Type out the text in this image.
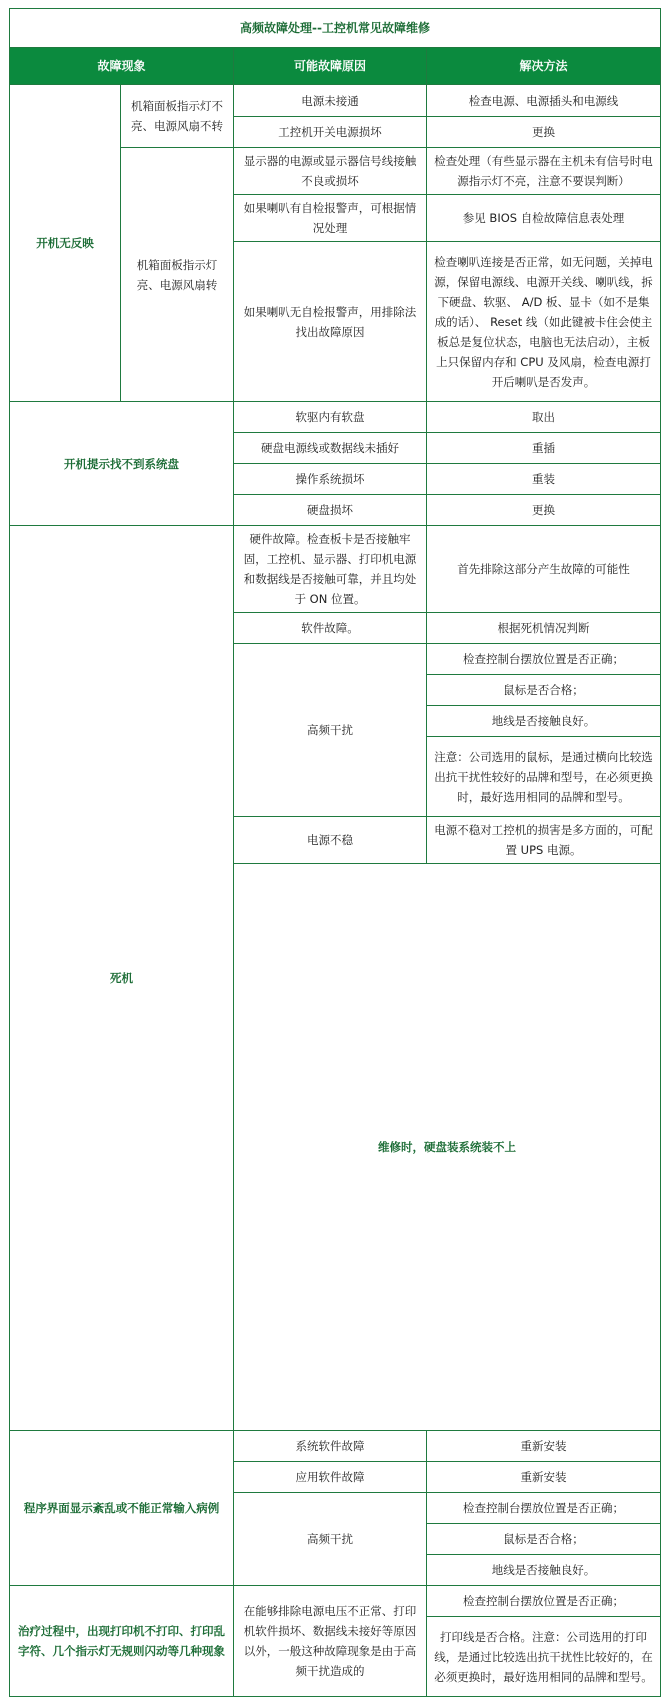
高频故障处理--工控机常见故障维修				
故障现象		可能故障原因	解决方法	
开机无反映	机箱面板指示灯不亮、电源风扇不转	电源未接通	检查电源、电源插头和电源线	
		工控机开关电源损坏	更换	
	机箱面板指示灯亮、电源风扇转	显示器的电源或显示器信号线接触不良或损坏	检查处理（有些显示器在主机未有信号时电源指示灯不亮，注意不要误判断）	
		如果喇叭有自检报警声，可根据情况处理	参见 BIOS 自检故障信息表处理	
		如果喇叭无自检报警声，用排除法找出故障原因	检查喇叭连接是否正常，如无问题，关掉电源，保留电源线、电源开关线、喇叭线，拆下硬盘、软驱、 A/D 板、显卡（如不是集成的话）、 Reset 线（如此键被卡住会使主板总是复位状态，电脑也无法启动），主板上只保留内存和 CPU 及风扇，检查电源打开后喇叭是否发声。	
开机提示找不到系统盘		软驱内有软盘	取出	
		硬盘电源线或数据线未插好	重插	
		操作系统损坏	重装	
		硬盘损坏	更换	
死机		硬件故障。检查板卡是否接触牢固，工控机、显示器、打印机电源和数据线是否接触可靠，并且均处于 ON 位置。	首先排除这部分产生故障的可能性	
		软件故障。	根据死机情况判断	
		高频干扰	检查控制台摆放位置是否正确；	
			鼠标是否合格；	
			地线是否接触良好。	
			注意：公司选用的鼠标，是通过横向比较选出抗干扰性较好的品牌和型号，在必须更换时，最好选用相同的品牌和型号。	
		电源不稳	电源不稳对工控机的损害是多方面的，可配置 UPS 电源。	
		维修时，硬盘装系统装不上		
程序界面显示紊乱或不能正常输入病例		系统软件故障	重新安装	
		应用软件故障	重新安装	
		高频干扰	检查控制台摆放位置是否正确；	
			鼠标是否合格；	
			地线是否接触良好。	
治疗过程中，出现打印机不打印、打印乱字符、几个指示灯无规则闪动等几种现象		在能够排除电源电压不正常、打印机软件损坏、数据线未接好等原因以外，一般这种故障现象是由于高频干扰造成的	检查控制台摆放位置是否正确；	
			打印线是否合格。注意：公司选用的打印线，是通过比较选出抗干扰性比较好的，在必须更换时，最好选用相同的品牌和型号。	
